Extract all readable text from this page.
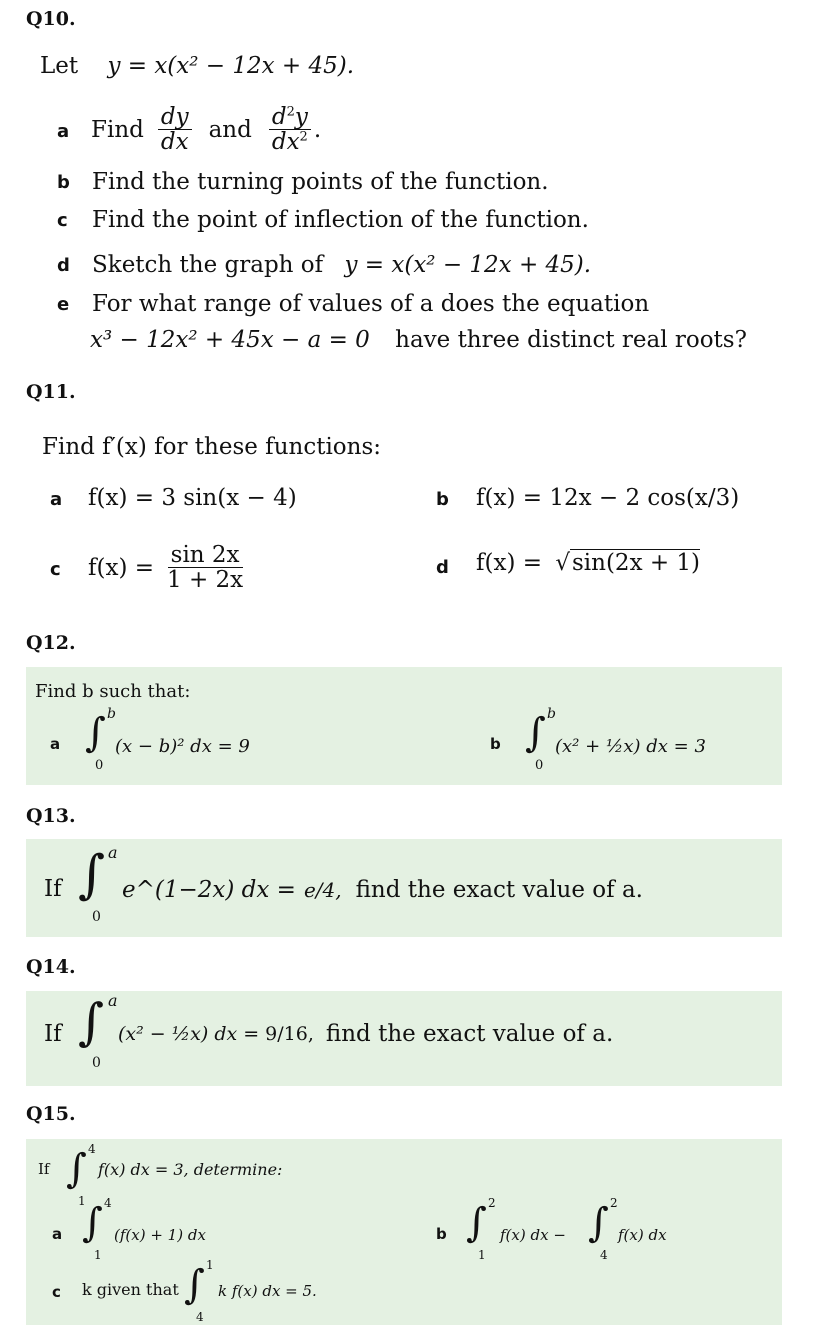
Q10.
Let y = x(x² − 12x + 45).
a Find $\frac{dy}{dx}$ and $\frac{d^2y}{dx^2}$ .
b Find the turning points of the function.
c Find the point of inflection of the function.
d Sketch the graph of y = x(x² − 12x + 45).
e For what range of values of a does the equation
x³ − 12x² + 45x − a = 0 have three distinct real roots?
Q11.
Find f′(x) for these functions:
a f(x) = 3 sin(x − 4)	b f(x) = 12x − 2 cos(x/3)
c $f(x) = \frac{\sin 2x}{1 + 2x}$	d f(x) = √sin(2x + 1)
Q12.
Find b such that:
a ∫ b
0
(x − b)² dx = 9	b ∫ b
0
(x² + ½x) dx = 3
Q13.
If ∫ a
0
e^(1−2x) dx = e/4, find the exact value of a.
Q14.
If ∫ a
0
(x² − ½x) dx = 9/16, find the exact value of a.
Q15.
If ∫ 4
1
f(x) dx = 3, determine:
a ∫ 4
1
(f(x) + 1) dx	b ∫ 2
1
f(x) dx − ∫ 2
4
f(x) dx
c k given that ∫ 1
4
k f(x) dx = 5.
